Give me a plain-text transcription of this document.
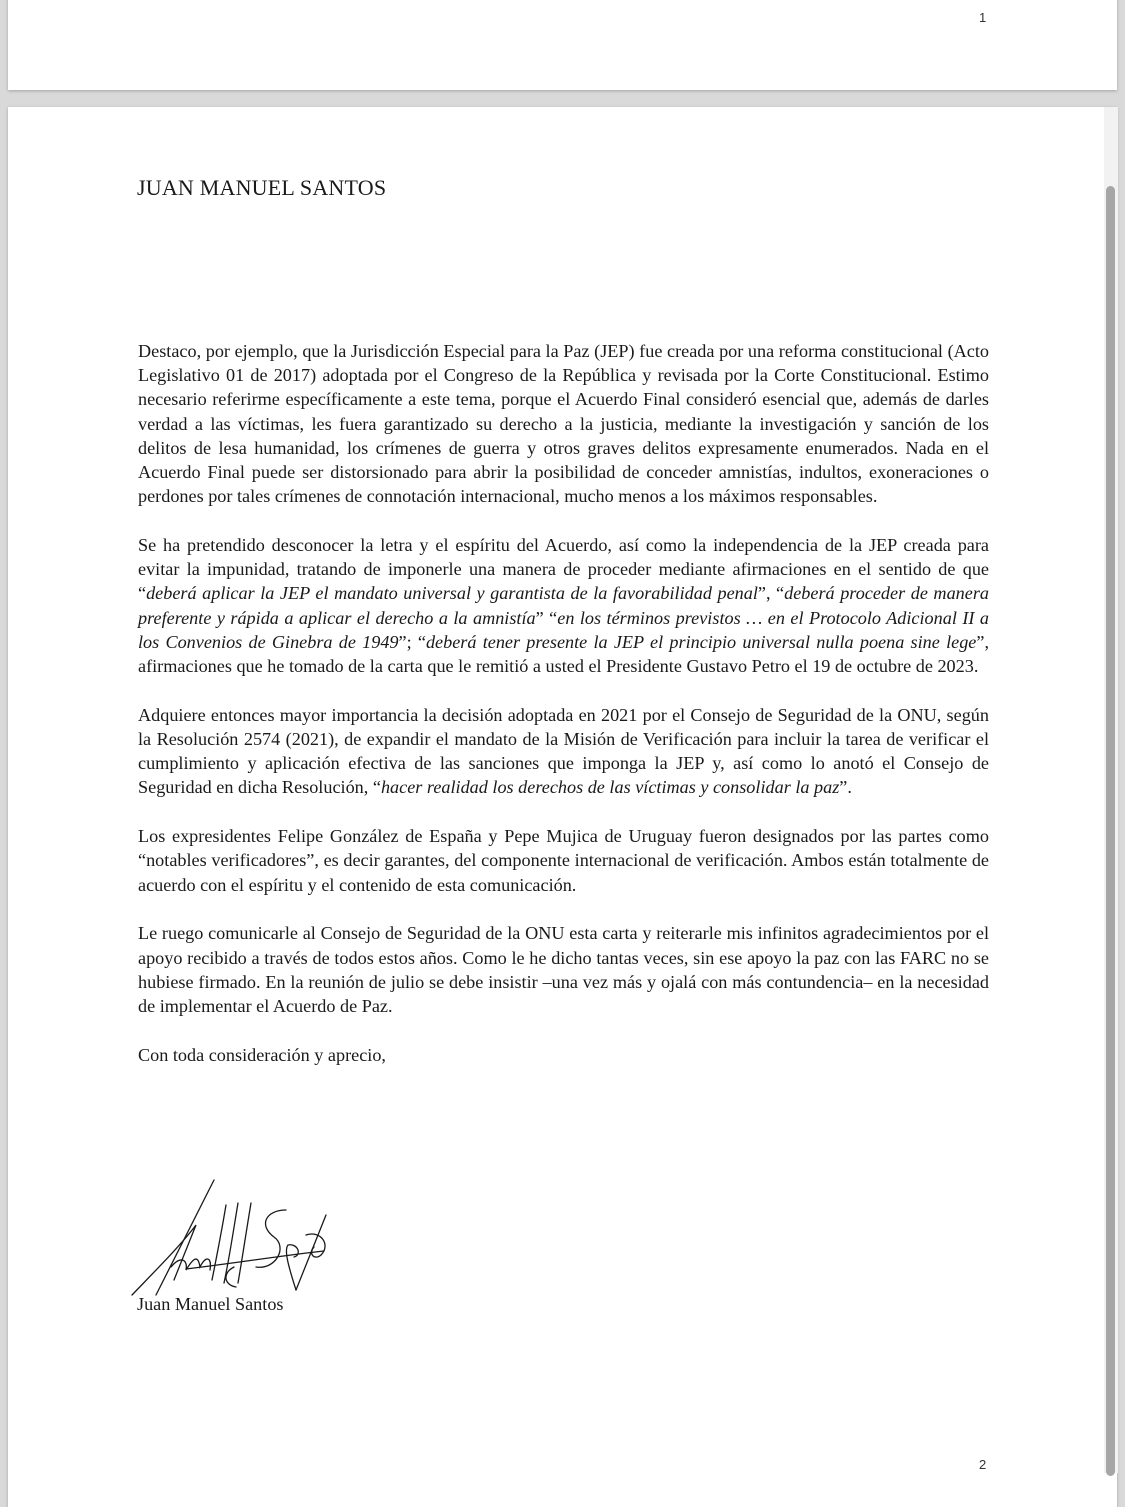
1
JUAN MANUEL SANTOS

Destaco, por ejemplo, que la Jurisdicción Especial para la Paz (JEP) fue creada por una reforma constitucional (Acto Legislativo 01 de 2017) adoptada por el Congreso de la República y revisada por la Corte Constitucional. Estimo necesario referirme específicamente a este tema, porque el Acuerdo Final consideró esencial que, además de darles verdad a las víctimas, les fuera garantizado su derecho a la justicia, mediante la investigación y sanción de los delitos de lesa humanidad, los crímenes de guerra y otros graves delitos expresamente enumerados. Nada en el Acuerdo Final puede ser distorsionado para abrir la posibilidad de conceder amnistías, indultos, exoneraciones o perdones por tales crímenes de connotación internacional, mucho menos a los máximos responsables.

Se ha pretendido desconocer la letra y el espíritu del Acuerdo, así como la independencia de la JEP creada para evitar la impunidad, tratando de imponerle una manera de proceder mediante afirmaciones en el sentido de que “deberá aplicar la JEP el mandato universal y garantista de la favorabilidad penal”, “deberá proceder de manera preferente y rápida a aplicar el derecho a la amnistía” “en los términos previstos … en el Protocolo Adicional II a los Convenios de Ginebra de 1949”; “deberá tener presente la JEP el principio universal nulla poena sine lege”, afirmaciones que he tomado de la carta que le remitió a usted el Presidente Gustavo Petro el 19 de octubre de 2023.

Adquiere entonces mayor importancia la decisión adoptada en 2021 por el Consejo de Seguridad de la ONU, según la Resolución 2574 (2021), de expandir el mandato de la Misión de Verificación para incluir la tarea de verificar el cumplimiento y aplicación efectiva de las sanciones que imponga la JEP y, así como lo anotó el Consejo de Seguridad en dicha Resolución, “hacer realidad los derechos de las víctimas y consolidar la paz”.

Los expresidentes Felipe González de España y Pepe Mujica de Uruguay fueron designados por las partes como “notables verificadores”, es decir garantes, del componente internacional de verificación. Ambos están totalmente de acuerdo con el espíritu y el contenido de esta comunicación.

Le ruego comunicarle al Consejo de Seguridad de la ONU esta carta y reiterarle mis infinitos agradecimientos por el apoyo recibido a través de todos estos años. Como le he dicho tantas veces, sin ese apoyo la paz con las FARC no se hubiese firmado. En la reunión de julio se debe insistir –una vez más y ojalá con más contundencia– en la necesidad de implementar el Acuerdo de Paz.

Con toda consideración y aprecio,

Juan Manuel Santos
2
